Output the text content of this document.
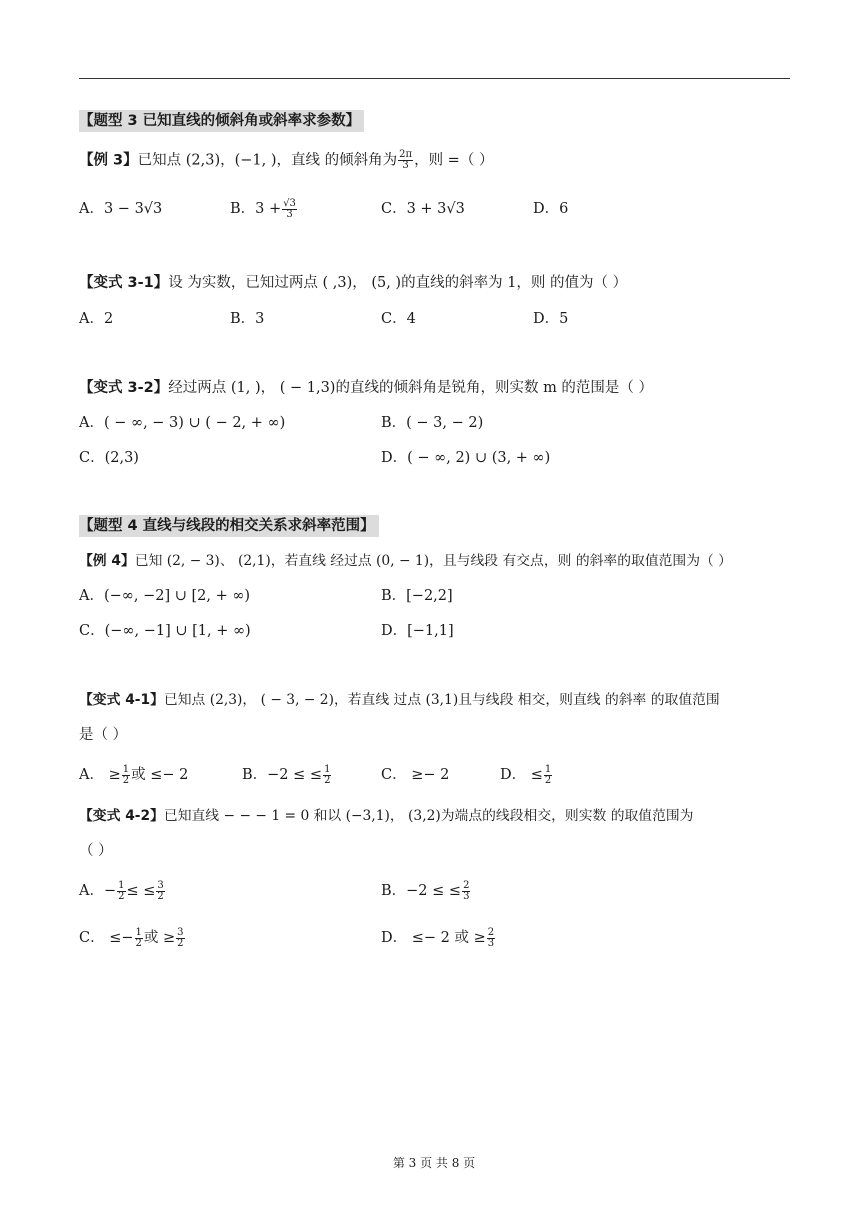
【题型 3 已知直线的倾斜角或斜率求参数】
【例 3】已知点 (2,3)，(−1, )，直线 的倾斜角为 $\frac{2\pi}{3}$ ，则 =（ ）
A．3 − 3√3	B．$3 + \frac{√3}{3}$	C．3 + 3√3	D．6
【变式 3-1】设 为实数，已知过两点 ( ,3)， (5, )的直线的斜率为 1，则 的值为（ ）
A．2	B．3	C．4	D．5
【变式 3-2】经过两点 (1, )， ( − 1,3)的直线的倾斜角是锐角，则实数 m 的范围是（ ）
A．( − ∞, − 3) ∪ ( − 2, + ∞)	B．( − 3, − 2)
C．(2,3)	D．( − ∞, 2) ∪ (3, + ∞)
【题型 4 直线与线段的相交关系求斜率范围】
【例 4】已知 (2, − 3)、 (2,1)，若直线 经过点 (0, − 1)，且与线段 有交点，则 的斜率的取值范围为（ ）
A．(−∞, −2] ∪ [2, + ∞)	B．[−2,2]
C．(−∞, −1] ∪ [1, + ∞)	D．[−1,1]
【变式 4-1】已知点 (2,3)， ( − 3, − 2)，若直线 过点 (3,1)且与线段 相交，则直线 的斜率 的取值范围
是（ ）
A． ≥ $\frac{1}{2}$ 或 ≤− 2	B．−2 ≤ ≤ $\frac{1}{2}$	C． ≥− 2	D． ≤ $\frac{1}{2}$
【变式 4-2】已知直线 − − − 1 = 0 和以 (−3,1)， (3,2)为端点的线段相交，则实数 的取值范围为
（ ）
A．− $\frac{1}{2}$ ≤ ≤ $\frac{3}{2}$	B．−2 ≤ ≤ $\frac{2}{3}$
C． ≤− $\frac{1}{2}$ 或 ≥ $\frac{3}{2}$	D． ≤− 2 或 ≥ $\frac{2}{3}$
第 3 页 共 8 页
